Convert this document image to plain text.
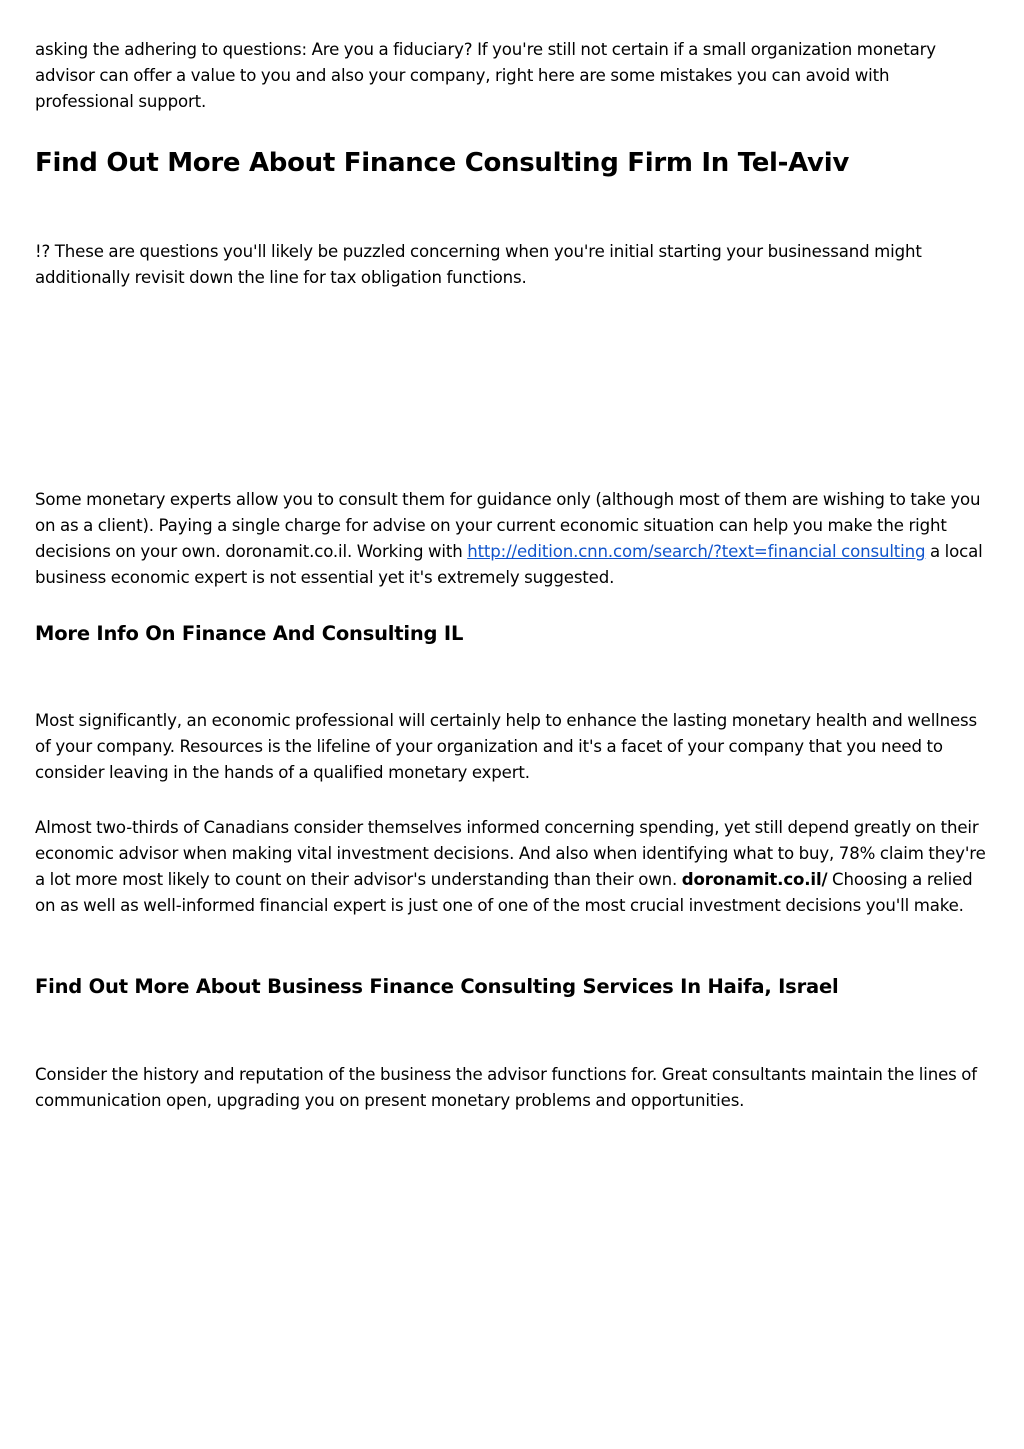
asking the adhering to questions: Are you a fiduciary? If you're still not certain if a small organization monetary advisor can offer a value to you and also your company, right here are some mistakes you can avoid with professional support.

Find Out More About Finance Consulting Firm In Tel-Aviv

!? These are questions you'll likely be puzzled concerning when you're initial starting your businessand might additionally revisit down the line for tax obligation functions.

Some monetary experts allow you to consult them for guidance only (although most of them are wishing to take you on as a client). Paying a single charge for advise on your current economic situation can help you make the right decisions on your own. doronamit.co.il. Working with http://edition.cnn.com/search/?text=financial consulting a local business economic expert is not essential yet it's extremely suggested.

More Info On Finance And Consulting IL

Most significantly, an economic professional will certainly help to enhance the lasting monetary health and wellness of your company. Resources is the lifeline of your organization and it's a facet of your company that you need to consider leaving in the hands of a qualified monetary expert.

Almost two-thirds of Canadians consider themselves informed concerning spending, yet still depend greatly on their economic advisor when making vital investment decisions. And also when identifying what to buy, 78% claim they're a lot more most likely to count on their advisor's understanding than their own. doronamit.co.il/ Choosing a relied on as well as well-informed financial expert is just one of one of the most crucial investment decisions you'll make.

Find Out More About Business Finance Consulting Services In Haifa, Israel

Consider the history and reputation of the business the advisor functions for. Great consultants maintain the lines of communication open, upgrading you on present monetary problems and opportunities.
